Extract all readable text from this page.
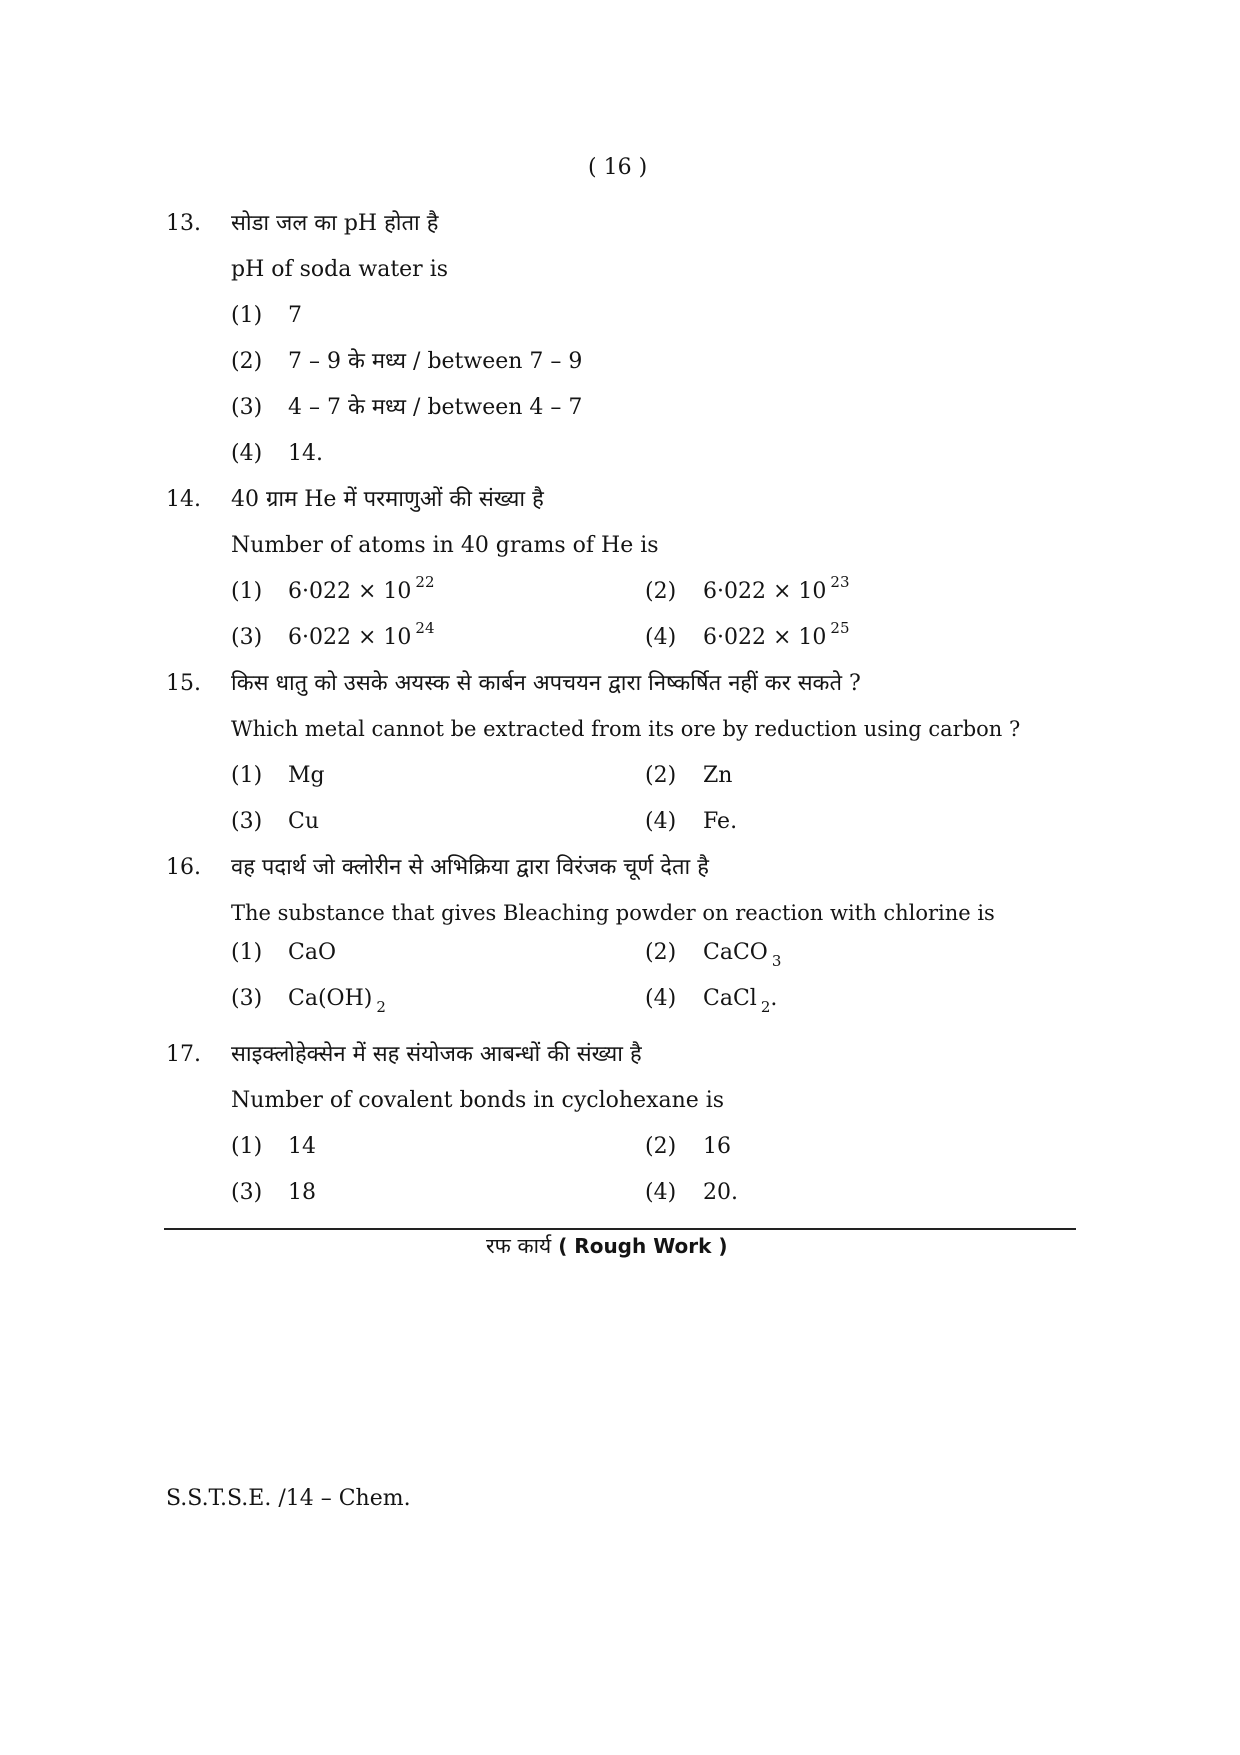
( 16 )
13. सोडा जल का pH होता है
pH of soda water is
(1) 7
(2) 7 – 9 के मध्य / between 7 – 9
(3) 4 – 7 के मध्य / between 4 – 7
(4) 14.
14. 40 ग्राम He में परमाणुओं की संख्या है
Number of atoms in 40 grams of He is
(1) 6·022 × 10 $^{22}$	(2) 6·022 × 10 $^{23}$
(3) 6·022 × 10 $^{24}$	(4) 6·022 × 10 $^{25}$
15. किस धातु को उसके अयस्क से कार्बन अपचयन द्वारा निष्कर्षित नहीं कर सकते ?
Which metal cannot be extracted from its ore by reduction using carbon ?
(1) Mg	(2) Zn
(3) Cu	(4) Fe.
16. वह पदार्थ जो क्लोरीन से अभिक्रिया द्वारा विरंजक चूर्ण देता है
The substance that gives Bleaching powder on reaction with chlorine is
(1) CaO	(2) CaCO $_3$
(3) Ca(OH) $_2$	(4) CaCl $_2$.
17. साइक्लोहेक्सेन में सह संयोजक आबन्धों की संख्या है
Number of covalent bonds in cyclohexane is
(1) 14	(2) 16
(3) 18	(4) 20.
रफ कार्य ( Rough Work )
S.S.T.S.E. /14 – Chem.
